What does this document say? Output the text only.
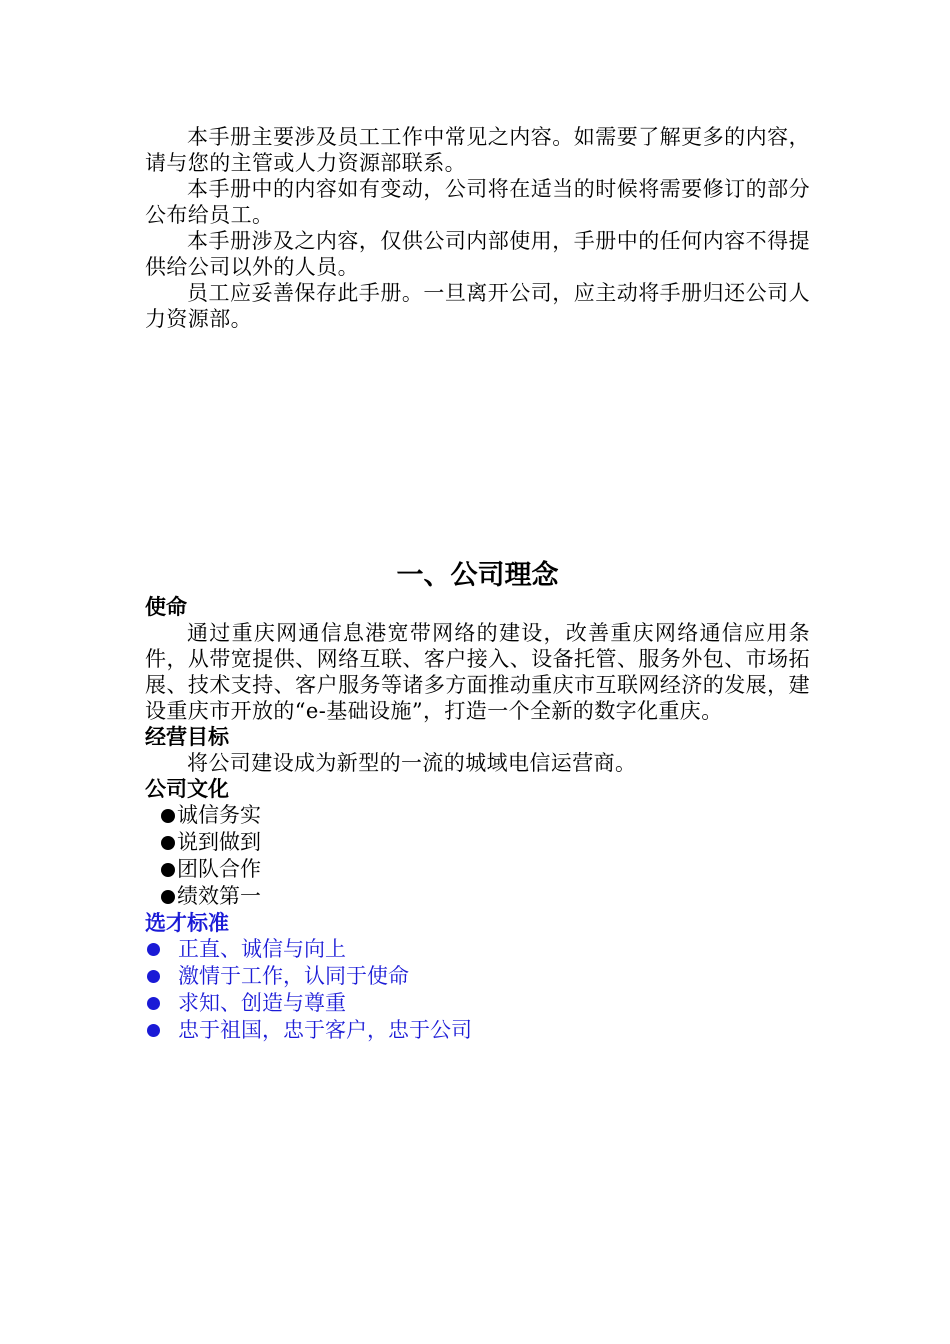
本手册主要涉及员工工作中常见之内容。如需要了解更多的内容，请与您的主管或人力资源部联系。

本手册中的内容如有变动，公司将在适当的时候将需要修订的部分公布给员工。

本手册涉及之内容，仅供公司内部使用，手册中的任何内容不得提供给公司以外的人员。

员工应妥善保存此手册。一旦离开公司，应主动将手册归还公司人力资源部。

一、公司理念
使命

通过重庆网通信息港宽带网络的建设，改善重庆网络通信应用条件，从带宽提供、网络互联、客户接入、设备托管、服务外包、市场拓展、技术支持、客户服务等诸多方面推动重庆市互联网经济的发展，建设重庆市开放的“e-基础设施”，打造一个全新的数字化重庆。

经营目标

将公司建设成为新型的一流的城域电信运营商。

公司文化
诚信务实
说到做到
团队合作
绩效第一
选才标准
正直、诚信与向上
激情于工作，认同于使命
求知、创造与尊重
忠于祖国，忠于客户，忠于公司
